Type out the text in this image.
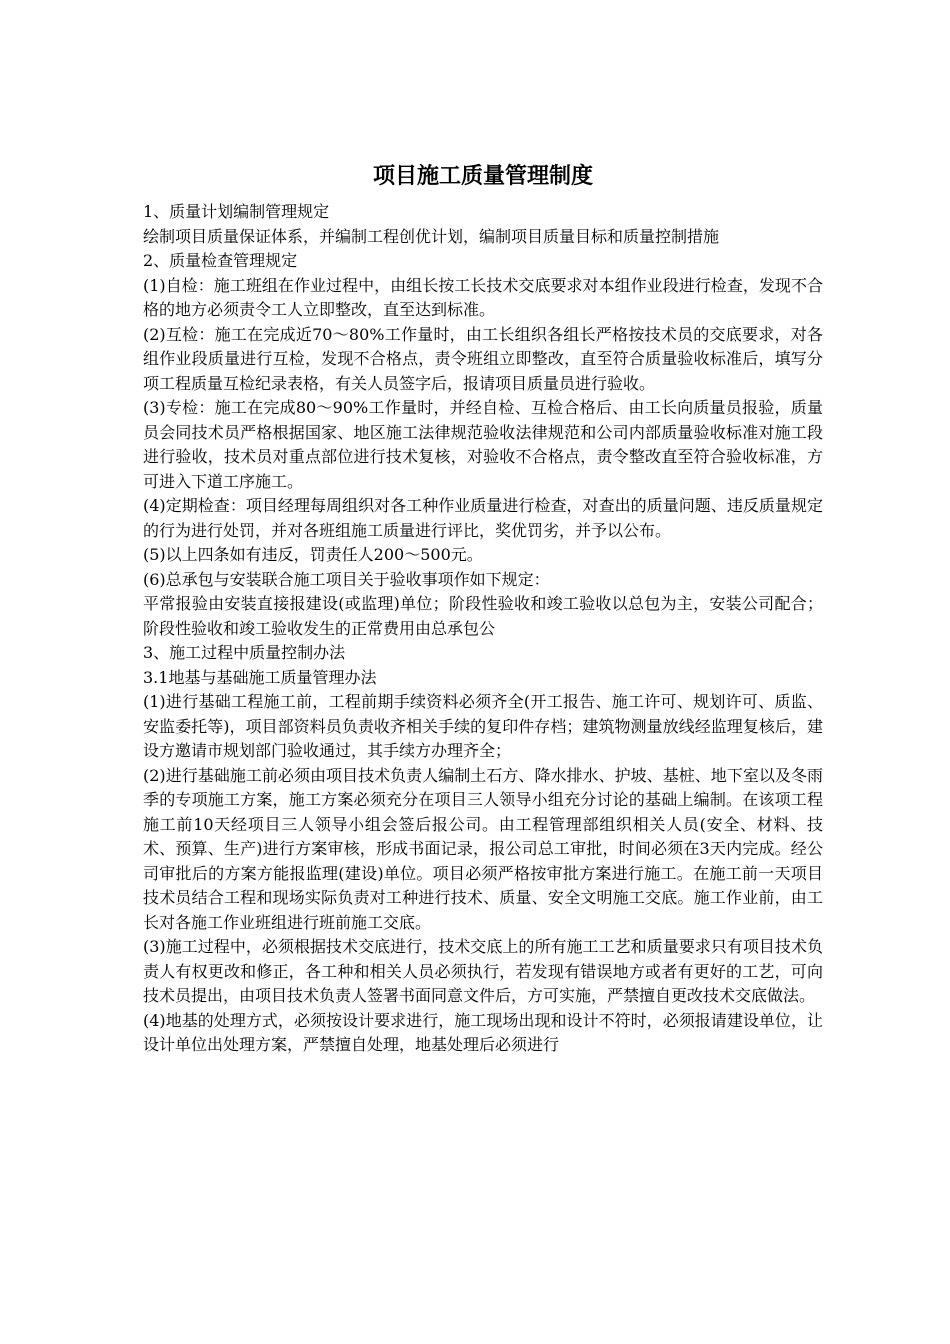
项目施工质量管理制度

1、质量计划编制管理规定

绘制项目质量保证体系，并编制工程创优计划，编制项目质量目标和质量控制措施

2、质量检查管理规定

(1)自检：施工班组在作业过程中，由组长按工长技术交底要求对本组作业段进行检查，发现不合格的地方必须责令工人立即整改，直至达到标准。

(2)互检：施工在完成近70～80%工作量时，由工长组织各组长严格按技术员的交底要求，对各组作业段质量进行互检，发现不合格点，责令班组立即整改，直至符合质量验收标准后，填写分项工程质量互检纪录表格，有关人员签字后，报请项目质量员进行验收。

(3)专检：施工在完成80～90%工作量时，并经自检、互检合格后、由工长向质量员报验，质量员会同技术员严格根据国家、地区施工法律规范验收法律规范和公司内部质量验收标准对施工段进行验收，技术员对重点部位进行技术复核，对验收不合格点，责令整改直至符合验收标准，方可进入下道工序施工。

(4)定期检查：项目经理每周组织对各工种作业质量进行检查，对查出的质量问题、违反质量规定的行为进行处罚，并对各班组施工质量进行评比，奖优罚劣，并予以公布。

(5)以上四条如有违反，罚责任人200～500元。

(6)总承包与安装联合施工项目关于验收事项作如下规定：

平常报验由安装直接报建设(或监理)单位；阶段性验收和竣工验收以总包为主，安装公司配合；阶段性验收和竣工验收发生的正常费用由总承包公

3、施工过程中质量控制办法

3.1地基与基础施工质量管理办法

(1)进行基础工程施工前，工程前期手续资料必须齐全(开工报告、施工许可、规划许可、质监、安监委托等)，项目部资料员负责收齐相关手续的复印件存档；建筑物测量放线经监理复核后，建设方邀请市规划部门验收通过，其手续方办理齐全；

(2)进行基础施工前必须由项目技术负责人编制土石方、降水排水、护坡、基桩、地下室以及冬雨季的专项施工方案，施工方案必须充分在项目三人领导小组充分讨论的基础上编制。在该项工程施工前10天经项目三人领导小组会签后报公司。由工程管理部组织相关人员(安全、材料、技术、预算、生产)进行方案审核，形成书面记录，报公司总工审批，时间必须在3天内完成。经公司审批后的方案方能报监理(建设)单位。项目必须严格按审批方案进行施工。在施工前一天项目技术员结合工程和现场实际负责对工种进行技术、质量、安全文明施工交底。施工作业前，由工长对各施工作业班组进行班前施工交底。

(3)施工过程中，必须根据技术交底进行，技术交底上的所有施工工艺和质量要求只有项目技术负责人有权更改和修正，各工种和相关人员必须执行，若发现有错误地方或者有更好的工艺，可向技术员提出，由项目技术负责人签署书面同意文件后，方可实施，严禁擅自更改技术交底做法。

(4)地基的处理方式，必须按设计要求进行，施工现场出现和设计不符时，必须报请建设单位，让设计单位出处理方案，严禁擅自处理，地基处理后必须进行
